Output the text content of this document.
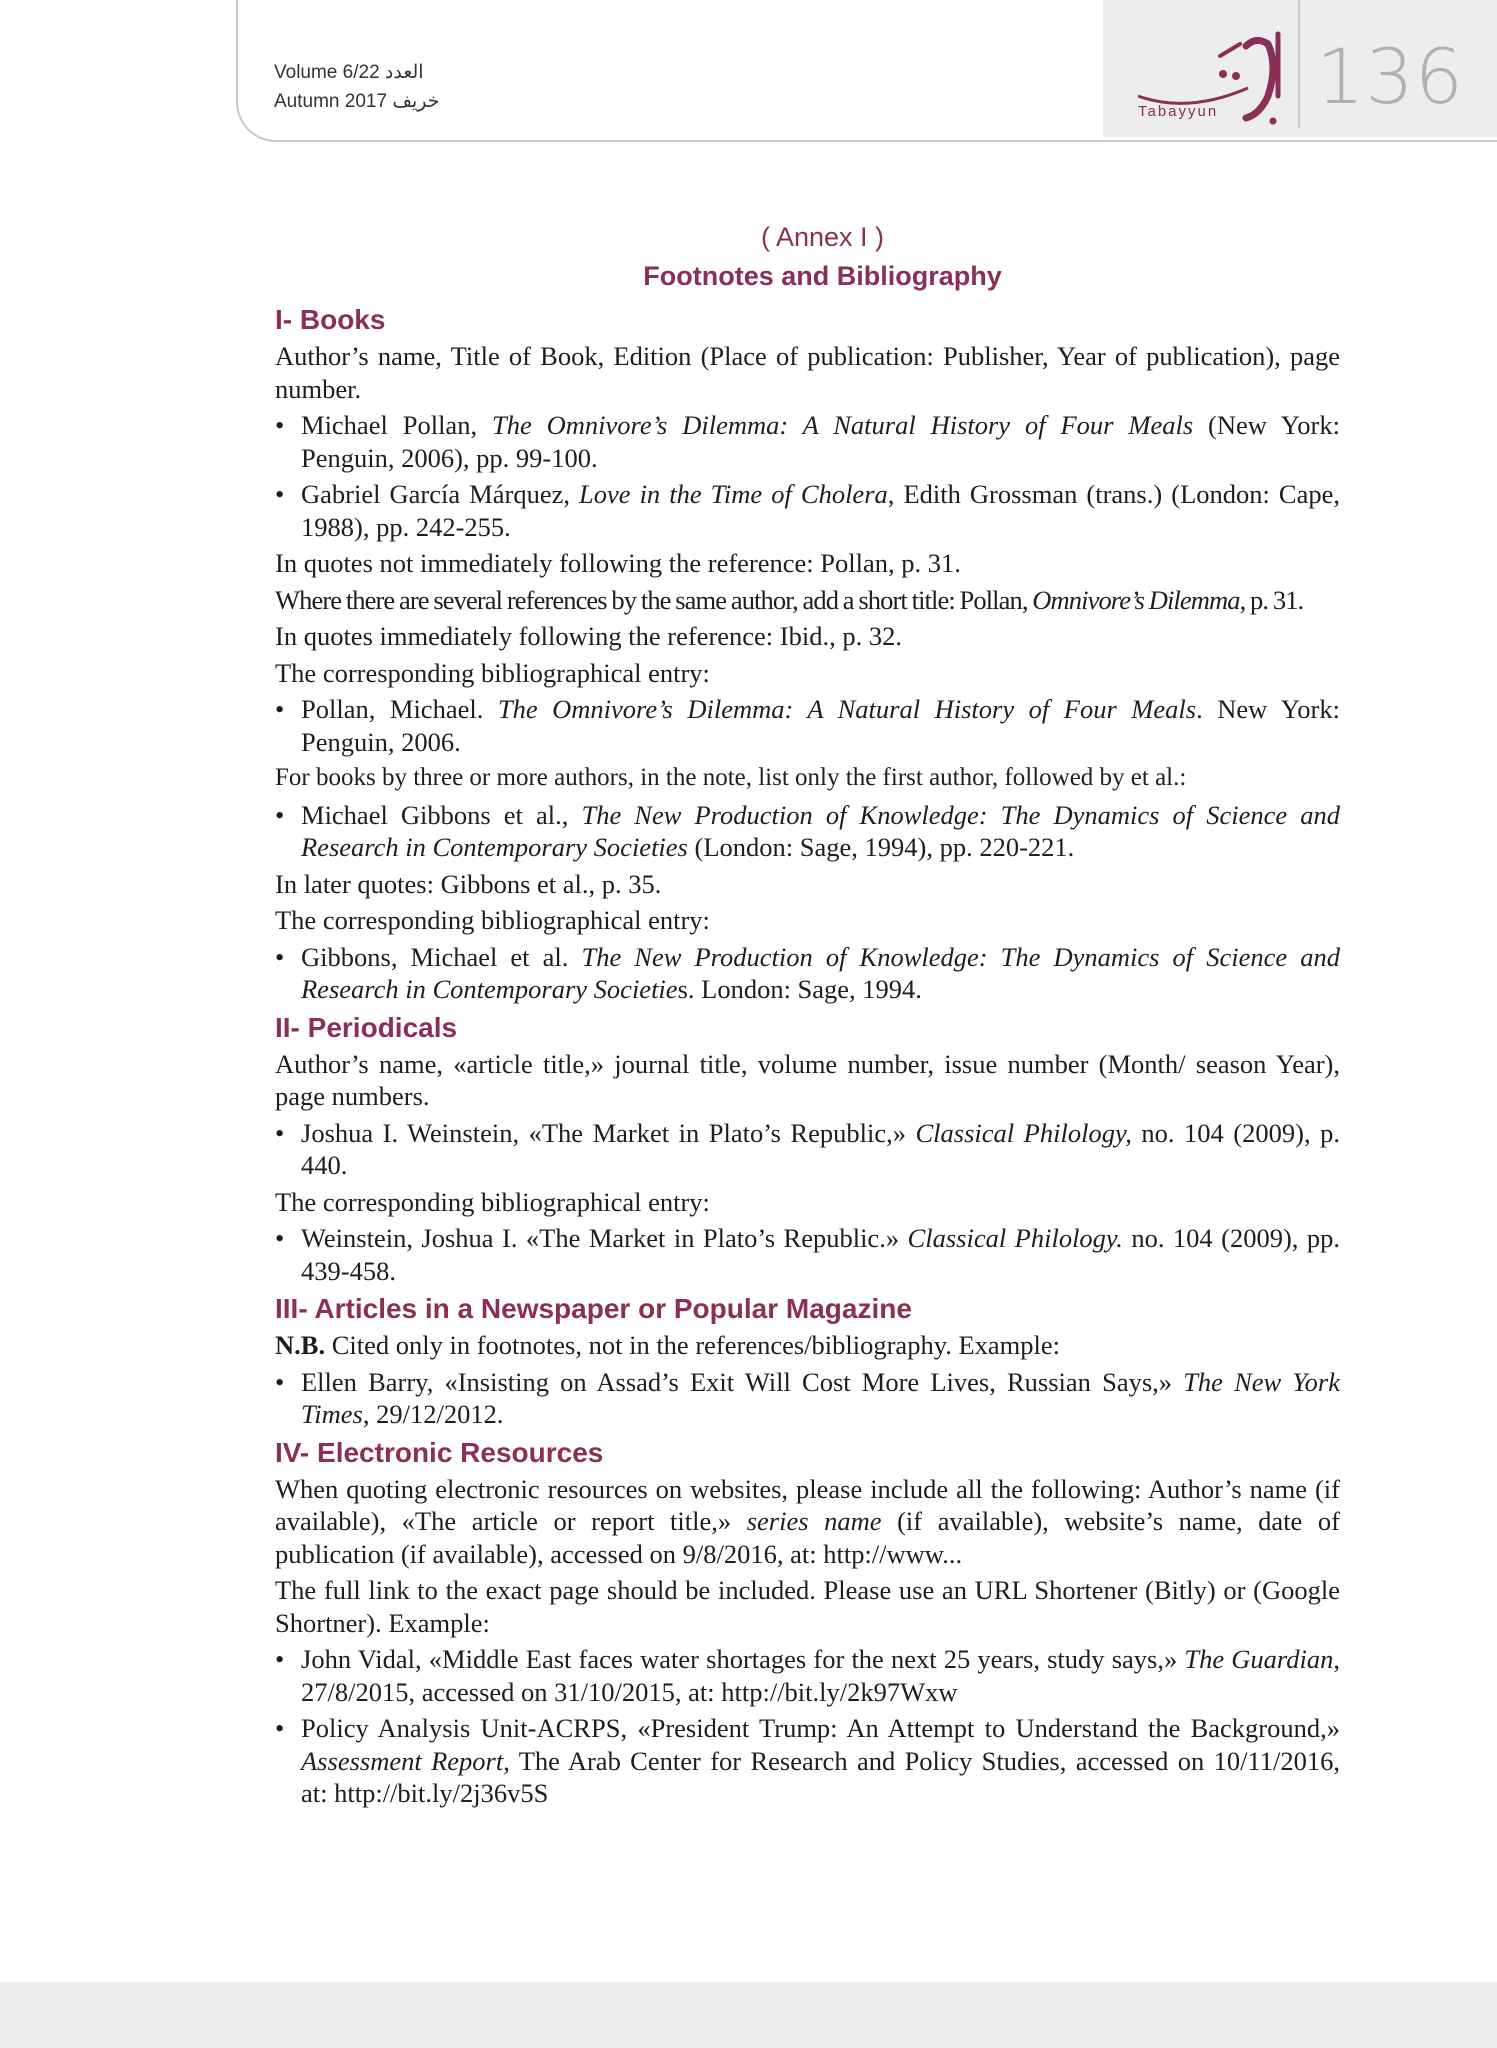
Volume 6/22 العدد
Autumn 2017 خريف	Tabayyun 136
( Annex I )
Footnotes and Bibliography
I- Books

Author’s name, Title of Book, Edition (Place of publication: Publisher, Year of publication), page number.

• Michael Pollan, The Omnivore’s Dilemma: A Natural History of Four Meals (New York: Penguin, 2006), pp. 99-100.
• Gabriel García Márquez, Love in the Time of Cholera, Edith Grossman (trans.) (London: Cape, 1988), pp. 242-255.

In quotes not immediately following the reference: Pollan, p. 31.

Where there are several references by the same author, add a short title: Pollan, Omnivore’s Dilemma, p. 31.

In quotes immediately following the reference: Ibid., p. 32.

The corresponding bibliographical entry:

• Pollan, Michael. The Omnivore’s Dilemma: A Natural History of Four Meals. New York: Penguin, 2006.

For books by three or more authors, in the note, list only the first author, followed by et al.:

• Michael Gibbons et al., The New Production of Knowledge: The Dynamics of Science and Research in Contemporary Societies (London: Sage, 1994), pp. 220-221.

In later quotes: Gibbons et al., p. 35.

The corresponding bibliographical entry:

• Gibbons, Michael et al. The New Production of Knowledge: The Dynamics of Science and Research in Contemporary Societies. London: Sage, 1994.
II- Periodicals

Author’s name, «article title,» journal title, volume number, issue number (Month/ season Year), page numbers.

• Joshua I. Weinstein, «The Market in Plato’s Republic,» Classical Philology, no. 104 (2009), p. 440.

The corresponding bibliographical entry:

• Weinstein, Joshua I. «The Market in Plato’s Republic.» Classical Philology. no. 104 (2009), pp. 439-458.
III- Articles in a Newspaper or Popular Magazine

N.B. Cited only in footnotes, not in the references/bibliography. Example:

• Ellen Barry, «Insisting on Assad’s Exit Will Cost More Lives, Russian Says,» The New York Times, 29/12/2012.
IV- Electronic Resources

When quoting electronic resources on websites, please include all the following: Author’s name (if available), «The article or report title,» series name (if available), website’s name, date of publication (if available), accessed on 9/8/2016, at: http://www...

The full link to the exact page should be included. Please use an URL Shortener (Bitly) or (Google Shortner). Example:

• John Vidal, «Middle East faces water shortages for the next 25 years, study says,» The Guardian, 27/8/2015, accessed on 31/10/2015, at: http://bit.ly/2k97Wxw
• Policy Analysis Unit-ACRPS, «President Trump: An Attempt to Understand the Background,» Assessment Report, The Arab Center for Research and Policy Studies, accessed on 10/11/2016, at: http://bit.ly/2j36v5S
